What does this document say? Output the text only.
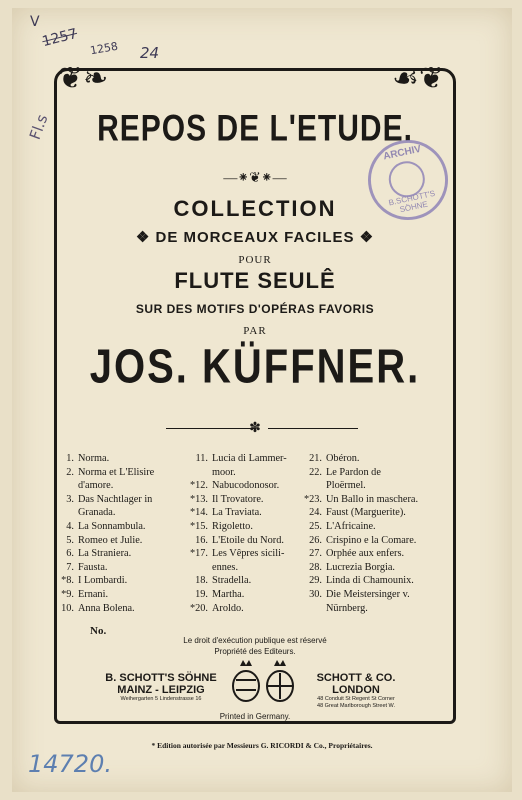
V
1257 1258 24
Fl.s
❦❧	☙❦
REPOS DE L'ETUDE.
—⁕❦⁕—
COLLECTION
❖ DE MORCEAUX FACILES ❖
POUR
FLUTE SEULÊ
SUR DES MOTIFS D'OPÉRAS FAVORIS
PAR
JOS. KÜFFNER.
✽
ARCHIV
B.SCHOTT'S SÖHNE
1. Norma.
2. Norma et L'Elisire
d'amore.
3. Das Nachtlager in
Granada.
4. La Sonnambula.
5. Romeo et Julie.
6. La Straniera.
7. Fausta.
*8. I Lombardi.
*9. Ernani.
10. Anna Bolena.
11. Lucia di Lammer-
moor.
*12. Nabucodonosor.
*13. Il Trovatore.
*14. La Traviata.
*15. Rigoletto.
16. L'Etoile du Nord.
*17. Les Vêpres sicili-
ennes.
18. Stradella.
19. Martha.
*20. Aroldo.
21. Obéron.
22. Le Pardon de
Ploërmel.
*23. Un Ballo in maschera.
24. Faust (Marguerite).
25. L'Africaine.
26. Crispino e la Comare.
27. Orphée aux enfers.
28. Lucrezia Borgia.
29. Linda di Chamounix.
30. Die Meistersinger v.
Nürnberg.
No.
Le droit d'exécution publique est réservé
Propriété des Editeurs.
B. SCHOTT'S SÖHNE
MAINZ - LEIPZIG
Weihergarten 5 Lindenstrasse 16
SCHOTT & CO.
LONDON
48 Conduit St Regent St Corner
48 Great Marlborough Street W.
Printed in Germany.
* Edition autorisée par Messieurs G. RICORDI & Co., Propriétaires.
14720.
